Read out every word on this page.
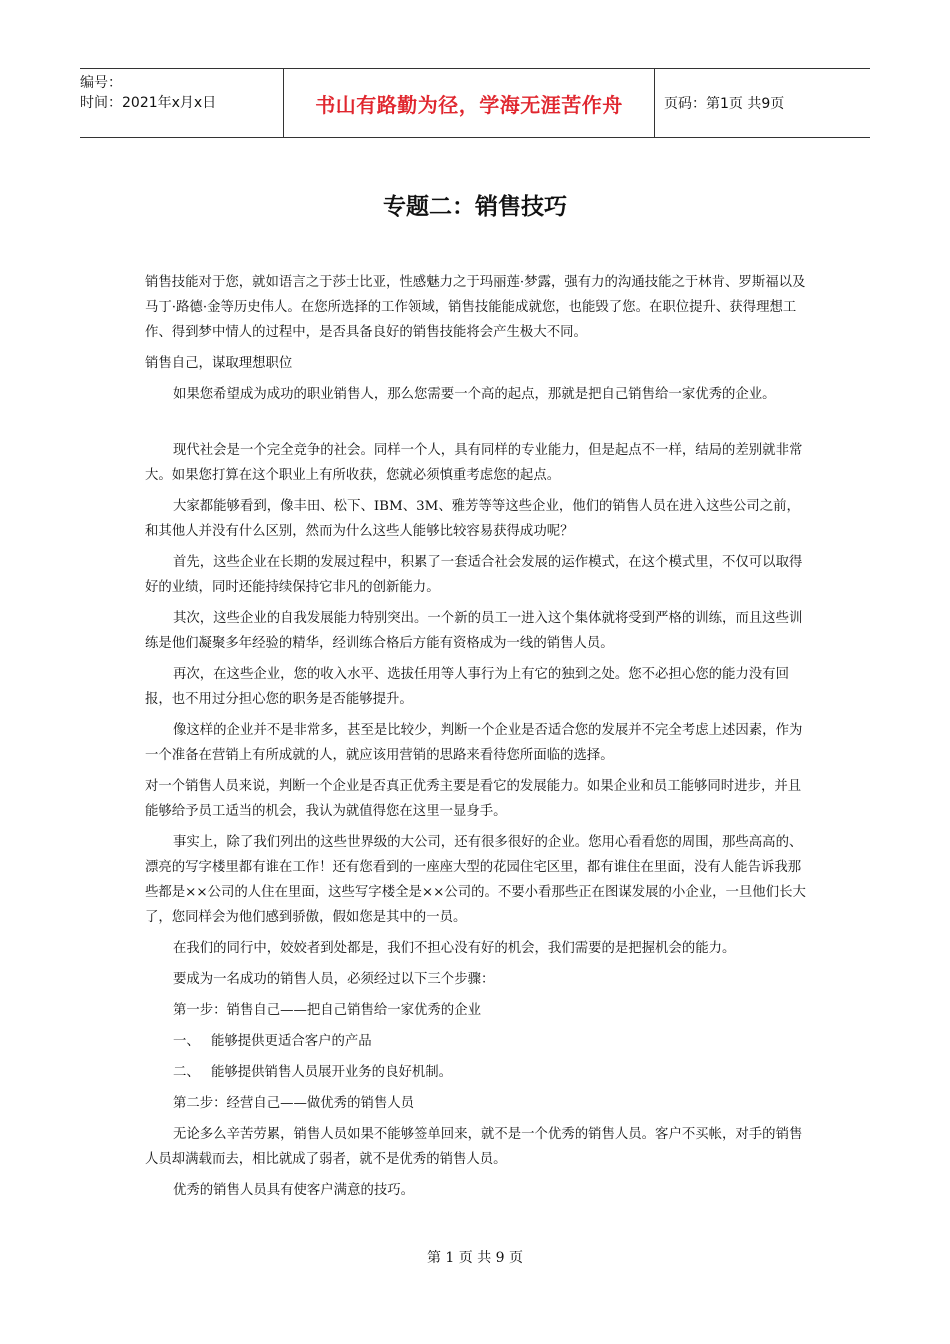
编号：
时间：2021年x月x日	书山有路勤为径，学海无涯苦作舟	页码：第1页 共9页
专题二：销售技巧

销售技能对于您，就如语言之于莎士比亚，性感魅力之于玛丽莲·梦露，强有力的沟通技能之于林肯、罗斯福以及马丁·路德·金等历史伟人。在您所选择的工作领域，销售技能能成就您，也能毁了您。在职位提升、获得理想工作、得到梦中情人的过程中，是否具备良好的销售技能将会产生极大不同。

销售自己，谋取理想职位

如果您希望成为成功的职业销售人，那么您需要一个高的起点，那就是把自己销售给一家优秀的企业。

现代社会是一个完全竞争的社会。同样一个人，具有同样的专业能力，但是起点不一样，结局的差别就非常大。如果您打算在这个职业上有所收获，您就必须慎重考虑您的起点。

大家都能够看到，像丰田、松下、IBM、3M、雅芳等等这些企业，他们的销售人员在进入这些公司之前，和其他人并没有什么区别，然而为什么这些人能够比较容易获得成功呢？

首先，这些企业在长期的发展过程中，积累了一套适合社会发展的运作模式，在这个模式里，不仅可以取得好的业绩，同时还能持续保持它非凡的创新能力。

其次，这些企业的自我发展能力特别突出。一个新的员工一进入这个集体就将受到严格的训练，而且这些训练是他们凝聚多年经验的精华，经训练合格后方能有资格成为一线的销售人员。

再次，在这些企业，您的收入水平、选拔任用等人事行为上有它的独到之处。您不必担心您的能力没有回报，也不用过分担心您的职务是否能够提升。

像这样的企业并不是非常多，甚至是比较少，判断一个企业是否适合您的发展并不完全考虑上述因素，作为一个准备在营销上有所成就的人，就应该用营销的思路来看待您所面临的选择。

对一个销售人员来说，判断一个企业是否真正优秀主要是看它的发展能力。如果企业和员工能够同时进步，并且能够给予员工适当的机会，我认为就值得您在这里一显身手。

事实上，除了我们列出的这些世界级的大公司，还有很多很好的企业。您用心看看您的周围，那些高高的、漂亮的写字楼里都有谁在工作！还有您看到的一座座大型的花园住宅区里，都有谁住在里面，没有人能告诉我那些都是××公司的人住在里面，这些写字楼全是××公司的。不要小看那些正在图谋发展的小企业，一旦他们长大了，您同样会为他们感到骄傲，假如您是其中的一员。

在我们的同行中，姣姣者到处都是，我们不担心没有好的机会，我们需要的是把握机会的能力。

要成为一名成功的销售人员，必须经过以下三个步骤：

第一步：销售自己——把自己销售给一家优秀的企业

一、 能够提供更适合客户的产品

二、 能够提供销售人员展开业务的良好机制。

第二步：经营自己——做优秀的销售人员

无论多么辛苦劳累，销售人员如果不能够签单回来，就不是一个优秀的销售人员。客户不买帐，对手的销售人员却满载而去，相比就成了弱者，就不是优秀的销售人员。

优秀的销售人员具有使客户满意的技巧。

第 1 页 共 9 页
